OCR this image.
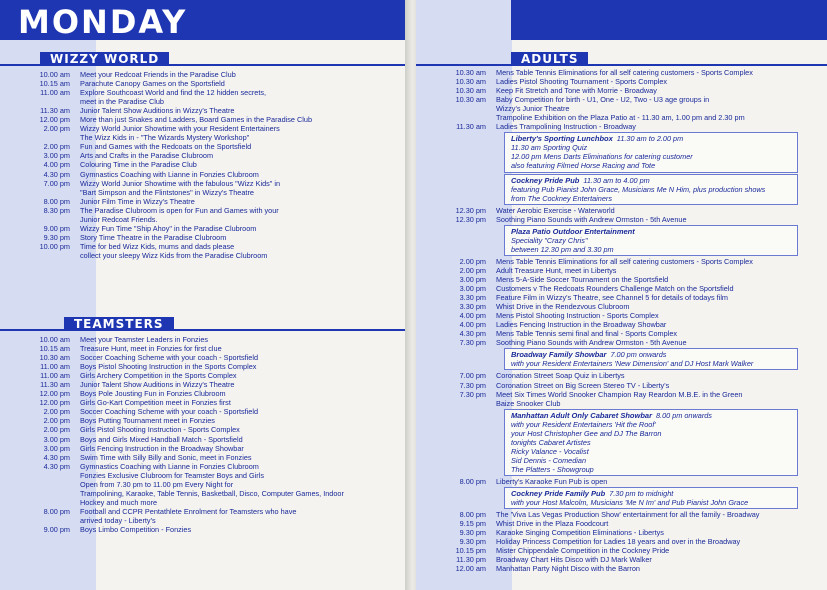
MONDAY
WIZZY WORLD
10.00 am Meet your Redcoat Friends in the Paradise Club
10.15 am Parachute Canopy Games on the Sportsfield
11.00 am Explore Southcoast World and find the 12 hidden secrets,
meet in the Paradise Club
11.30 am Junior Talent Show Auditions in Wizzy's Theatre
12.00 pm More than just Snakes and Ladders, Board Games in the Paradise Club
2.00 pm Wizzy World Junior Showtime with your Resident Entertainers
The Wizz Kids in - "The Wizards Mystery Workshop"
2.00 pm Fun and Games with the Redcoats on the Sportsfield
3.00 pm Arts and Crafts in the Paradise Clubroom
4.00 pm Colouring Time in the Paradise Club
4.30 pm Gymnastics Coaching with Lianne in Fonzies Clubroom
7.00 pm Wizzy World Junior Showtime with the fabulous "Wizz Kids" in
"Bart Simpson and the Flintstones" in Wizzy's Theatre
8.00 pm Junior Film Time in Wizzy's Theatre
8.30 pm The Paradise Clubroom is open for Fun and Games with your
Junior Redcoat Friends.
9.00 pm Wizzy Fun Time "Ship Ahoy" in the Paradise Clubroom
9.30 pm Story Time Theatre in the Paradise Clubroom
10.00 pm Time for bed Wizz Kids, mums and dads please
collect your sleepy Wizz Kids from the Paradise Clubroom
TEAMSTERS
10.00 am Meet your Teamster Leaders in Fonzies
10.15 am Treasure Hunt, meet in Fonzies for first clue
10.30 am Soccer Coaching Scheme with your coach - Sportsfield
11.00 am Boys Pistol Shooting Instruction in the Sports Complex
11.00 am Girls Archery Competition in the Sports Complex
11.30 am Junior Talent Show Auditions in Wizzy's Theatre
12.00 pm Boys Pole Jousting Fun in Fonzies Clubroom
12.00 pm Girls Go-Kart Competition meet in Fonzies first
2.00 pm Soccer Coaching Scheme with your coach - Sportsfield
2.00 pm Boys Putting Tournament meet in Fonzies
2.00 pm Girls Pistol Shooting Instruction - Sports Complex
3.00 pm Boys and Girls Mixed Handball Match - Sportsfield
3.00 pm Girls Fencing Instruction in the Broadway Showbar
4.30 pm Swim Time with Silly Billy and Sonic, meet in Fonzies
4.30 pm Gymnastics Coaching with Lianne in Fonzies Clubroom
Fonzies Exclusive Clubroom for Teamster Boys and Girls
Open from 7.30 pm to 11.00 pm Every Night for
Trampolining, Karaoke, Table Tennis, Basketball, Disco, Computer Games, Indoor
Hockey and much more
8.00 pm Football and CCPR Pentathlete Enrolment for Teamsters who have
arrived today - Liberty's
9.00 pm Boys Limbo Competition - Fonzies
ADULTS
10.30 am Mens Table Tennis Eliminations for all self catering customers - Sports Complex
10.30 am Ladies Pistol Shooting Tournament - Sports Complex
10.30 am Keep Fit Stretch and Tone with Morrie - Broadway
10.30 am Baby Competition for birth - U1, One - U2, Two - U3 age groups in
Wizzy's Junior Theatre
Trampoline Exhibition on the Plaza Patio at - 11.30 am, 1.00 pm and 2.30 pm
11.30 am Ladies Trampolining Instruction - Broadway
Liberty's Sporting Lunchbox 11.30 am to 2.00 pm
11.30 am Sporting Quiz
12.00 pm Mens Darts Eliminations for catering customer
also featuring Filmed Horse Racing and Tote
Cockney Pride Pub 11.30 am to 4.00 pm
featuring Pub Pianist John Grace, Musicians Me N Him, plus production shows
from The Cockney Entertainers
12.30 pm Water Aerobic Exercise - Waterworld
12.30 pm Soothing Piano Sounds with Andrew Ormston - 5th Avenue
Plaza Patio Outdoor Entertainment
Speciality "Crazy Chris"
between 12.30 pm and 3.30 pm
2.00 pm Mens Table Tennis Eliminations for all self catering customers - Sports Complex
2.00 pm Adult Treasure Hunt, meet in Libertys
3.00 pm Mens 5-A-Side Soccer Tournament on the Sportsfield
3.00 pm Customers v The Redcoats Rounders Challenge Match on the Sportsfield
3.30 pm Feature Film in Wizzy's Theatre, see Channel 5 for details of todays film
3.30 pm Whist Drive in the Rendezvous Clubroom
4.00 pm Mens Pistol Shooting Instruction - Sports Complex
4.00 pm Ladies Fencing Instruction in the Broadway Showbar
4.30 pm Mens Table Tennis semi final and final - Sports Complex
7.30 pm Soothing Piano Sounds with Andrew Ormston - 5th Avenue
Broadway Family Showbar 7.00 pm onwards
with your Resident Entertainers 'New Dimension' and DJ Host Mark Walker
7.00 pm Coronation Street Soap Quiz in Libertys
7.30 pm Coronation Street on Big Screen Stereo TV - Liberty's
7.30 pm Meet Six Times World Snooker Champion Ray Reardon M.B.E. in the Green
Baize Snooker Club
Manhattan Adult Only Cabaret Showbar 8.00 pm onwards
with your Resident Entertainers 'Hit the Roof'
your Host Christopher Gee and DJ The Barron
tonights Cabaret Artistes
Ricky Valance - Vocalist
Sid Dennis - Comedian
The Platters - Showgroup
8.00 pm Liberty's Karaoke Fun Pub is open
Cockney Pride Family Pub 7.30 pm to midnight
with your Host Malcolm, Musicians 'Me N Im' and Pub Pianist John Grace
8.00 pm The 'Viva Las Vegas Production Show' entertainment for all the family - Broadway
9.15 pm Whist Drive in the Plaza Foodcourt
9.30 pm Karaoke Singing Competition Eliminations - Libertys
9.30 pm Holiday Princess Competition for Ladies 18 years and over in the Broadway
10.15 pm Mister Chippendale Competition in the Cockney Pride
11.30 pm Broadway Chart Hits Disco with DJ Mark Walker
12.00 am Manhattan Party Night Disco with the Barron
